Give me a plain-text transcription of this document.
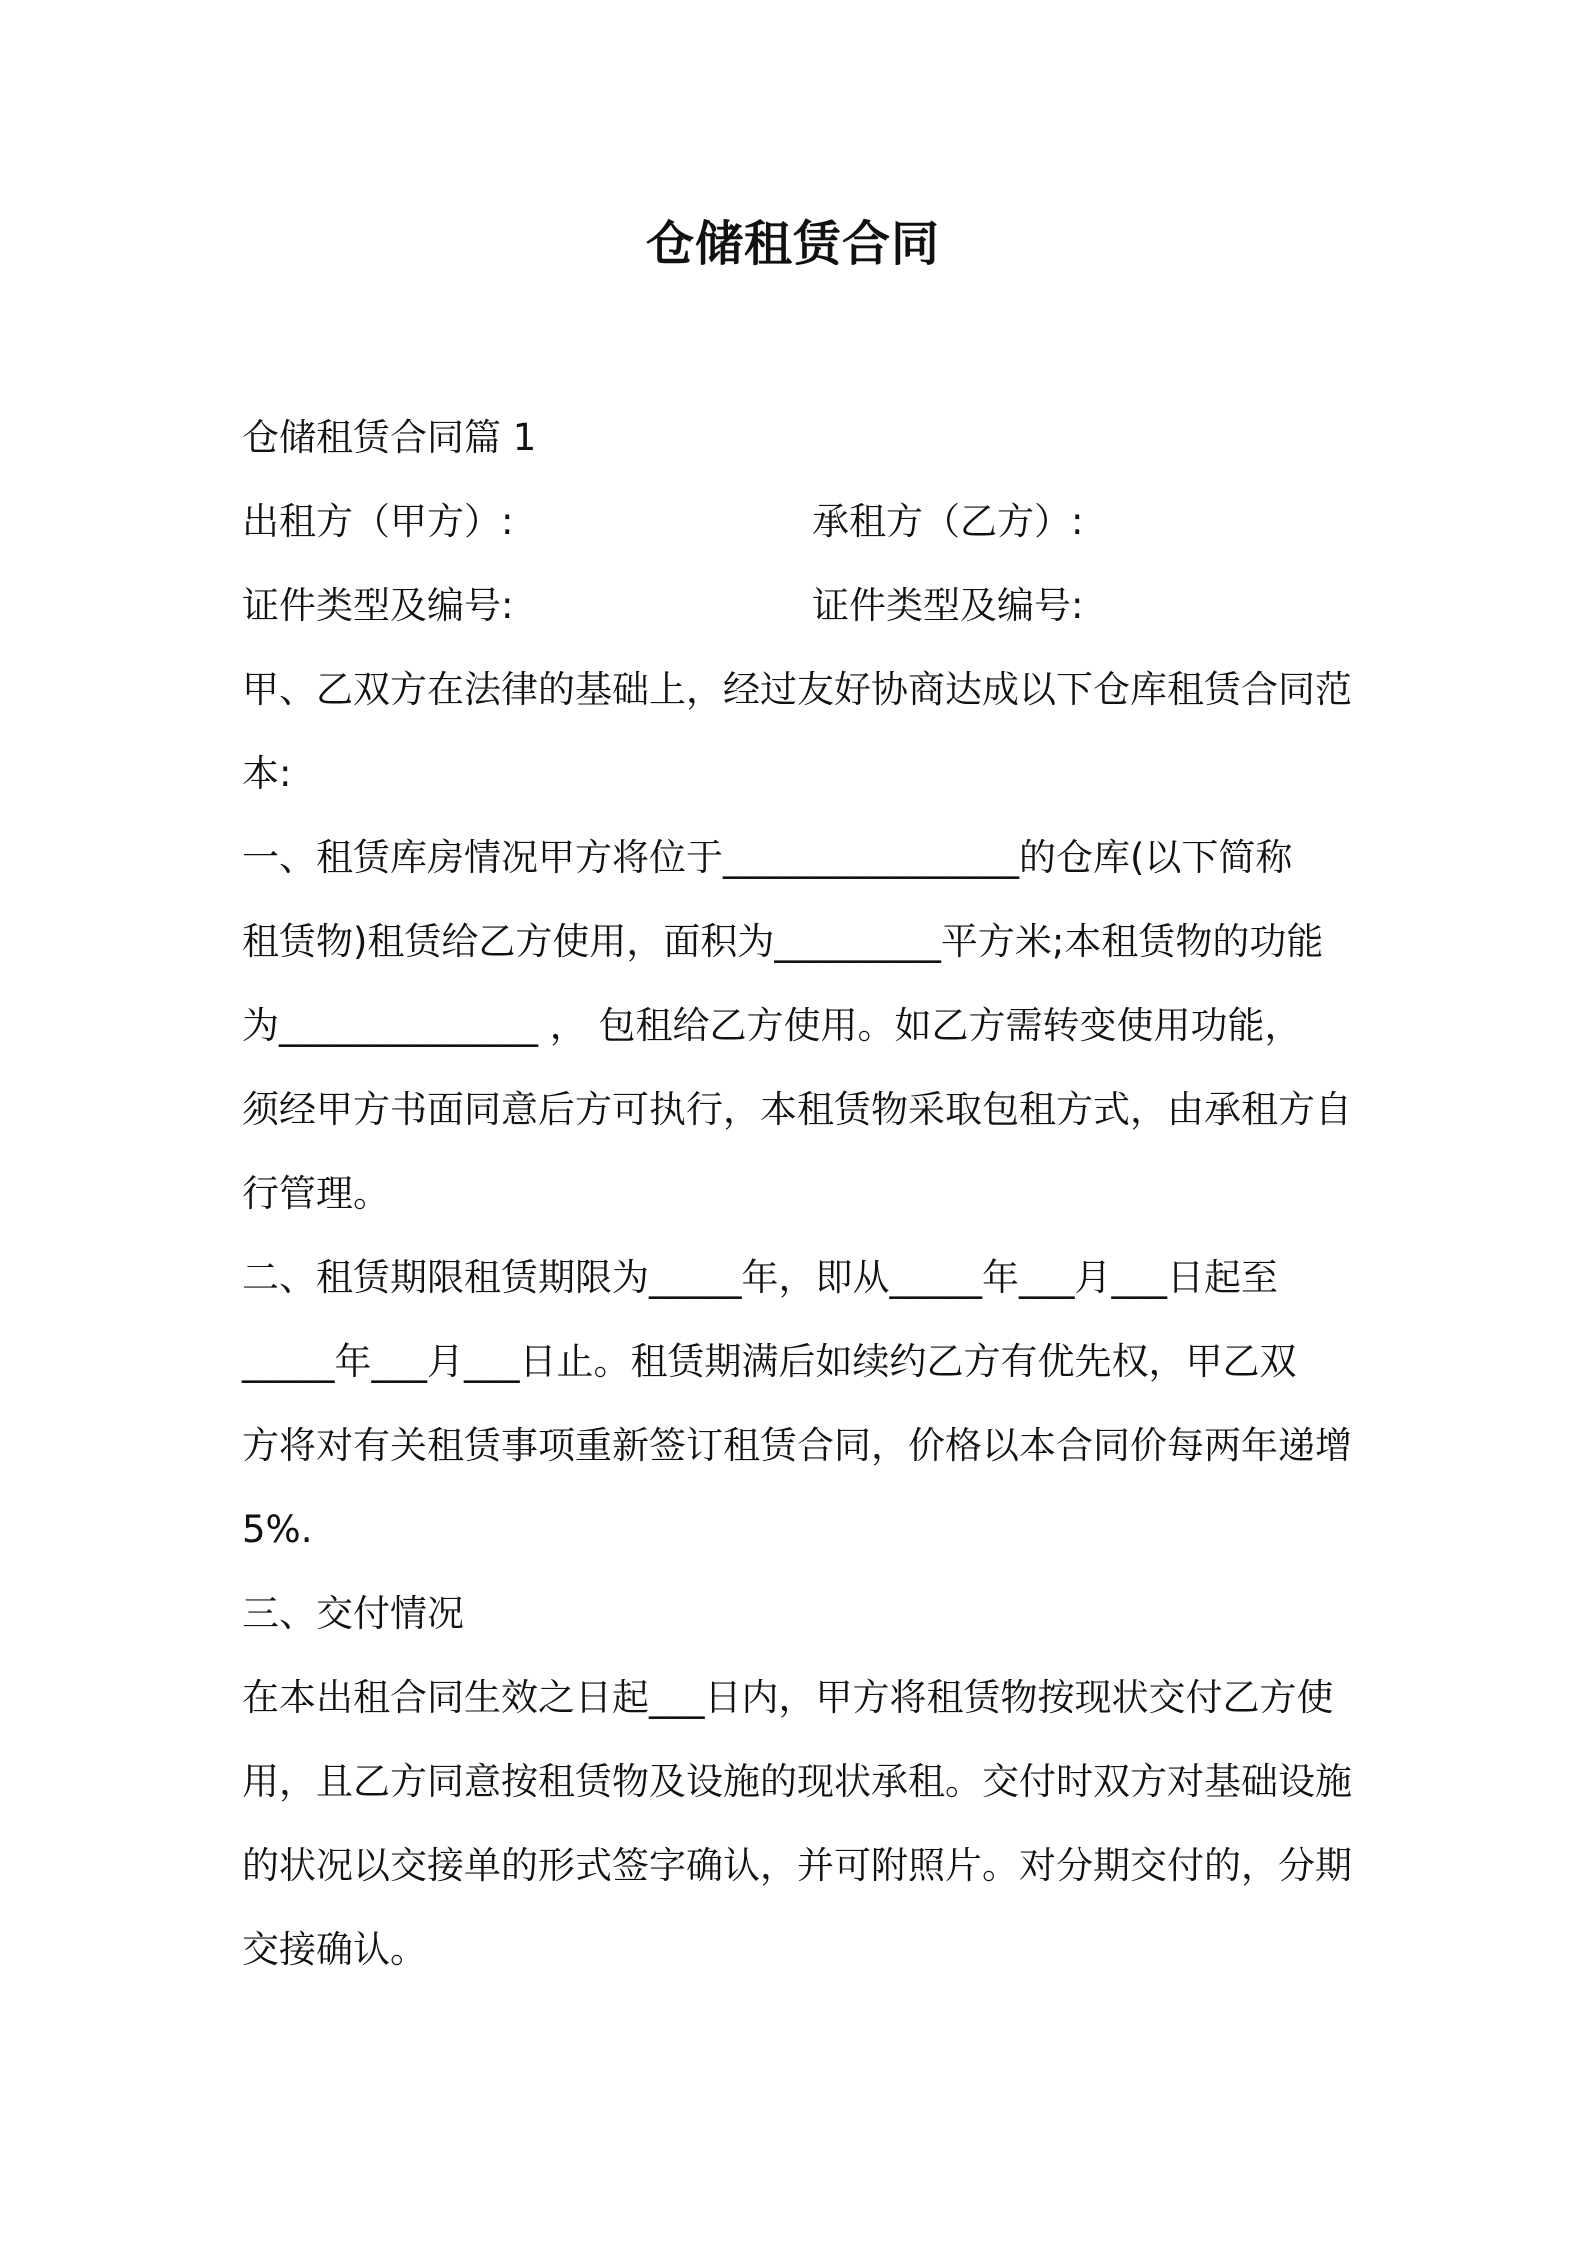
仓储租赁合同
仓储租赁合同篇 1
出租方（甲方）:	承租方（乙方）:
证件类型及编号:	证件类型及编号:
甲、乙双方在法律的基础上，经过友好协商达成以下仓库租赁合同范
本:
一、租赁库房情况甲方将位于________________的仓库(以下简称
租赁物)租赁给乙方使用，面积为_________平方米;本租赁物的功能
为______________ ， 包租给乙方使用。如乙方需转变使用功能，
须经甲方书面同意后方可执行，本租赁物采取包租方式，由承租方自
行管理。
二、租赁期限租赁期限为_____年，即从_____年___月___日起至
_____年___月___日止。租赁期满后如续约乙方有优先权，甲乙双
方将对有关租赁事项重新签订租赁合同，价格以本合同价每两年递增
5%.
三、交付情况
在本出租合同生效之日起___日内，甲方将租赁物按现状交付乙方使
用，且乙方同意按租赁物及设施的现状承租。交付时双方对基础设施
的状况以交接单的形式签字确认，并可附照片。对分期交付的，分期
交接确认。
